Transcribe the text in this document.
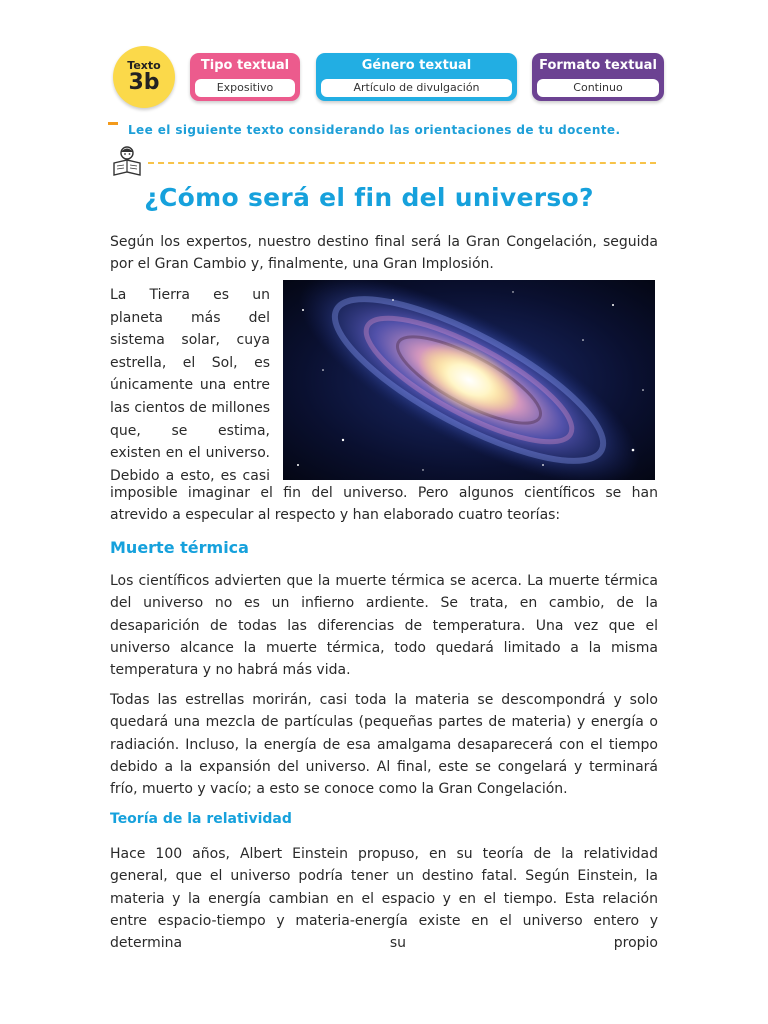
Texto
3b
Tipo textual
Expositivo
Género textual
Artículo de divulgación
Formato textual
Continuo
Lee el siguiente texto considerando las orientaciones de tu docente.
¿Cómo será el fin del universo?
Según los expertos, nuestro destino final será la Gran Congelación, seguida por el Gran Cambio y, finalmente, una Gran Implosión.
La Tierra es un
planeta más del
sistema solar, cuya
estrella, el Sol, es
únicamente una entre
las cientos de millones
que, se estima,
existen en el universo.
Debido a esto, es casi
imposible imaginar el fin del universo. Pero algunos científicos se han atrevido a especular al respecto y han elaborado cuatro teorías:
Muerte térmica
Los científicos advierten que la muerte térmica se acerca. La muerte térmica del universo no es un infierno ardiente. Se trata, en cambio, de la desaparición de todas las diferencias de temperatura. Una vez que el universo alcance la muerte térmica, todo quedará limitado a la misma temperatura y no habrá más vida.
Todas las estrellas morirán, casi toda la materia se descompondrá y solo quedará una mezcla de partículas (pequeñas partes de materia) y energía o radiación. Incluso, la energía de esa amalgama desaparecerá con el tiempo debido a la expansión del universo. Al final, este se congelará y terminará frío, muerto y vacío; a esto se conoce como la Gran Congelación.
Teoría de la relatividad
Hace 100 años, Albert Einstein propuso, en su teoría de la relatividad general, que el universo podría tener un destino fatal. Según Einstein, la materia y la energía cambian en el espacio y en el tiempo. Esta relación entre espacio-tiempo y materia-energía existe en el universo entero y determina su propio
